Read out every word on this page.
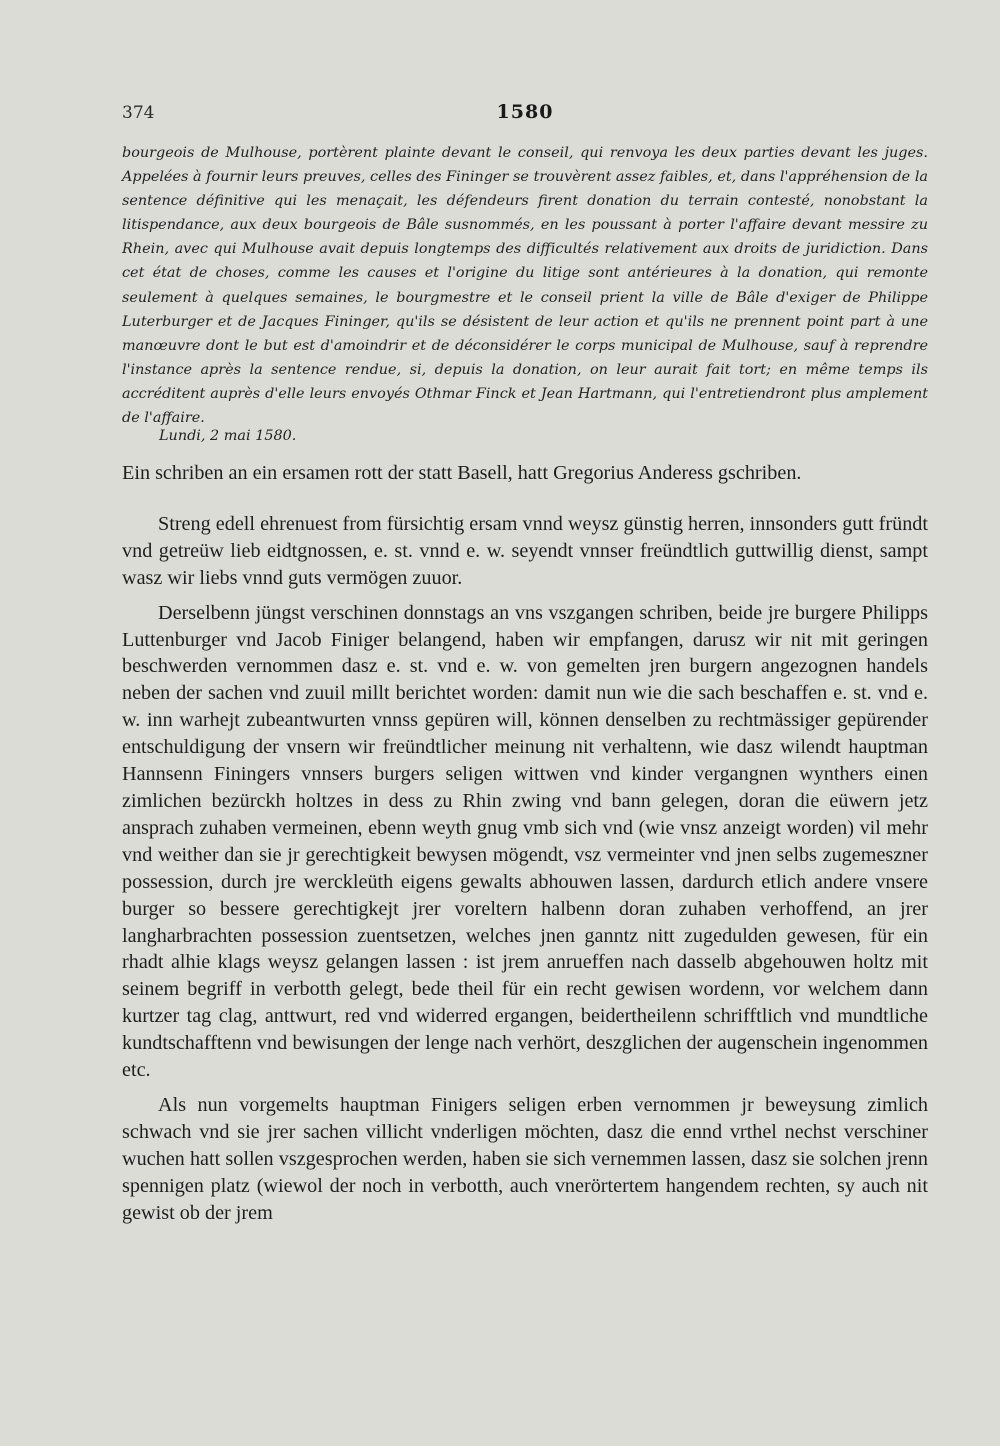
374	1580

bourgeois de Mulhouse, portèrent plainte devant le conseil, qui renvoya les deux parties devant les juges. Appelées à fournir leurs preuves, celles des Fininger se trouvèrent assez faibles, et, dans l'appréhension de la sentence définitive qui les menaçait, les défendeurs firent donation du terrain contesté, nonobstant la litispendance, aux deux bourgeois de Bâle susnommés, en les poussant à porter l'affaire devant messire zu Rhein, avec qui Mulhouse avait depuis longtemps des difficultés relativement aux droits de juridiction. Dans cet état de choses, comme les causes et l'origine du litige sont antérieures à la donation, qui remonte seulement à quelques semaines, le bourgmestre et le conseil prient la ville de Bâle d'exiger de Philippe Luterburger et de Jacques Fininger, qu'ils se désistent de leur action et qu'ils ne prennent point part à une manœuvre dont le but est d'amoindrir et de déconsidérer le corps municipal de Mulhouse, sauf à reprendre l'instance après la sentence rendue, si, depuis la donation, on leur aurait fait tort; en même temps ils accréditent auprès d'elle leurs envoyés Othmar Finck et Jean Hartmann, qui l'entretiendront plus amplement de l'affaire.

Lundi, 2 mai 1580.

Ein schriben an ein ersamen rott der statt Basell, hatt Gregorius Anderess gschriben.

Streng edell ehrenuest from fürsichtig ersam vnnd weysz günstig herren, innsonders gutt fründt vnd getreüw lieb eidtgnossen, e. st. vnnd e. w. seyendt vnnser freündtlich guttwillig dienst, sampt wasz wir liebs vnnd guts vermögen zuuor.

Derselbenn jüngst verschinen donnstags an vns vszgangen schriben, beide jre burgere Philipps Luttenburger vnd Jacob Finiger belangend, haben wir empfangen, darusz wir nit mit geringen beschwerden vernommen dasz e. st. vnd e. w. von gemelten jren burgern angezognen handels neben der sachen vnd zuuil millt berichtet worden: damit nun wie die sach beschaffen e. st. vnd e. w. inn warhejt zubeantwurten vnnss gepüren will, können denselben zu rechtmässiger gepürender entschuldigung der vnsern wir freündtlicher meinung nit verhaltenn, wie dasz wilendt hauptman Hannsenn Finingers vnnsers burgers seligen wittwen vnd kinder vergangnen wynthers einen zimlichen bezürckh holtzes in dess zu Rhin zwing vnd bann gelegen, doran die eüwern jetz ansprach zuhaben vermeinen, ebenn weyth gnug vmb sich vnd (wie vnsz anzeigt worden) vil mehr vnd weither dan sie jr gerechtigkeit bewysen mögendt, vsz vermeinter vnd jnen selbs zugemeszner possession, durch jre wercklеüth eigens gewalts abhouwen lassen, dardurch etlich andere vnsere burger so bessere gerechtigkejt jrer voreltern halbenn doran zuhaben verhoffend, an jrer langharbrachten possession zuentsetzen, welches jnen ganntz nitt zugedulden gewesen, für ein rhadt alhie klags weysz gelangen lassen : ist jrem anrueffen nach dasselb abgehouwen holtz mit seinem begriff in verbotth gelegt, bede theil für ein recht gewisen wordenn, vor welchem dann kurtzer tag clag, anttwurt, red vnd widerred ergangen, beidertheilenn schrifftlich vnd mundtliche kundtschafftenn vnd bewisungen der lenge nach verhört, deszglichen der augenschein ingenommen etc.

Als nun vorgemelts hauptman Finigers seligen erben vernommen jr beweysung zimlich schwach vnd sie jrer sachen villicht vnderligen möchten, dasz die ennd vrthel nechst verschiner wuchen hatt sollen vszgesprochen werden, haben sie sich vernemmen lassen, dasz sie solchen jrenn spennigen platz (wiewol der noch in verbotth, auch vnerörtertem hangendem rechten, sy auch nit gewist ob der jrem
